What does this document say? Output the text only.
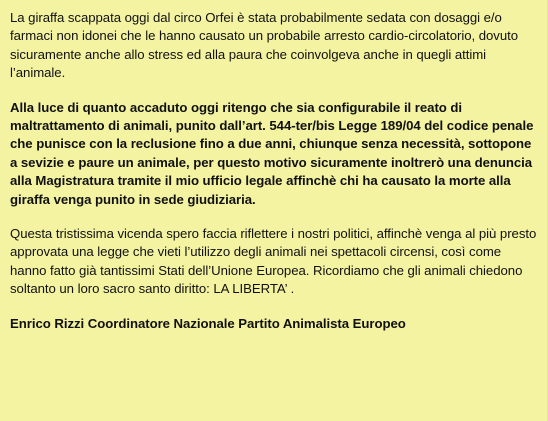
La giraffa scappata oggi dal circo Orfei è stata probabilmente sedata con dosaggi e/o farmaci non idonei che le hanno causato un probabile arresto cardio-circolatorio, dovuto sicuramente anche allo stress ed alla paura che coinvolgeva anche in quegli attimi l’animale.

Alla luce di quanto accaduto oggi ritengo che sia configurabile il reato di maltrattamento di animali, punito dall’art. 544-ter/bis Legge 189/04 del codice penale che punisce con la reclusione fino a due anni, chiunque senza necessità, sottopone a sevizie e paure un animale, per questo motivo sicuramente inoltrerò una denuncia alla Magistratura tramite il mio ufficio legale affinchè chi ha causato la morte alla giraffa venga punito in sede giudiziaria.

Questa tristissima vicenda spero faccia riflettere i nostri politici, affinchè venga al più presto approvata una legge che vieti l’utilizzo degli animali nei spettacoli circensi, così come hanno fatto già tantissimi Stati dell’Unione Europea. Ricordiamo che gli animali chiedono soltanto un loro sacro santo diritto: LA LIBERTA’ .

Enrico Rizzi Coordinatore Nazionale Partito Animalista Europeo
